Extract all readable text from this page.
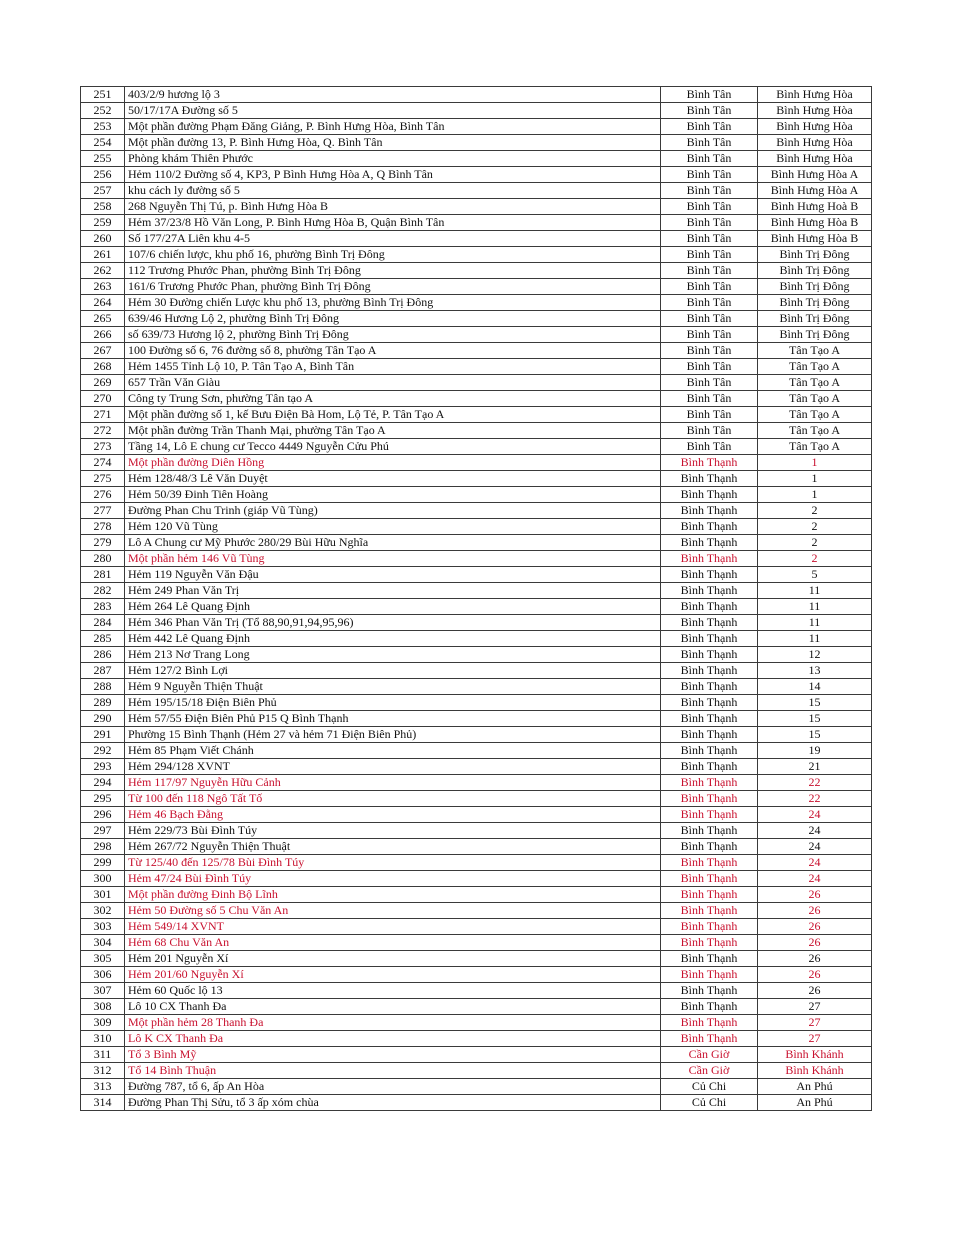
251	403/2/9 hương lộ 3	Bình Tân	Bình Hưng Hòa
252	50/17/17A Đường số 5	Bình Tân	Bình Hưng Hòa
253	Một phần đường Phạm Đăng Giảng, P. Bình Hưng Hòa, Bình Tân	Bình Tân	Bình Hưng Hòa
254	Một phần đường 13, P. Bình Hưng Hòa, Q. Bình Tân	Bình Tân	Bình Hưng Hòa
255	Phòng khám Thiên Phước	Bình Tân	Bình Hưng Hòa
256	Hẻm 110/2 Đường số 4, KP3, P Bình Hưng Hòa A, Q Bình Tân	Bình Tân	Bình Hưng Hòa A
257	khu cách ly đường số 5	Bình Tân	Bình Hưng Hòa A
258	268 Nguyễn Thị Tú, p. Bình Hưng Hòa B	Bình Tân	Bình Hưng Hoà B
259	Hẻm 37/23/8 Hồ Văn Long, P. Bình Hưng Hòa B, Quận Bình Tân	Bình Tân	Bình Hưng Hòa B
260	Số 177/27A Liên khu 4-5	Bình Tân	Bình Hưng Hòa B
261	107/6 chiến lược, khu phố 16, phường Bình Trị Đông	Bình Tân	Bình Trị Đông
262	112 Trương Phước Phan, phường Bình Trị Đông	Bình Tân	Bình Trị Đông
263	161/6 Trương Phước Phan, phường Bình Trị Đông	Bình Tân	Bình Trị Đông
264	Hẻm 30 Đường chiến Lược khu phố 13, phường Bình Trị Đông	Bình Tân	Bình Trị Đông
265	639/46 Hương Lộ 2, phường Bình Trị Đông	Bình Tân	Bình Trị Đông
266	số 639/73 Hương lộ 2, phường Bình Trị Đông	Bình Tân	Bình Trị Đông
267	100 Đường số 6, 76 đường số 8, phường Tân Tạo A	Bình Tân	Tân Tạo A
268	Hẻm 1455 Tỉnh Lộ 10, P. Tân Tạo A, Bình Tân	Bình Tân	Tân Tạo A
269	657 Trần Văn Giàu	Bình Tân	Tân Tạo A
270	Công ty Trung Sơn, phường Tân tạo A	Bình Tân	Tân Tạo A
271	Một phần đường số 1, kế Bưu Điện Bà Hom, Lộ Tẻ, P. Tân Tạo A	Bình Tân	Tân Tạo A
272	Một phần đường Trần Thanh Mại, phường Tân Tạo A	Bình Tân	Tân Tạo A
273	Tầng 14, Lô E chung cư Tecco 4449 Nguyễn Cửu Phú	Bình Tân	Tân Tạo A
274	Một phần đường Diên Hồng	Bình Thạnh	1
275	Hẻm 128/48/3 Lê Văn Duyệt	Bình Thạnh	1
276	Hẻm 50/39 Đinh Tiên Hoàng	Bình Thạnh	1
277	Đường Phan Chu Trinh (giáp Vũ Tùng)	Bình Thạnh	2
278	Hẻm 120 Vũ Tùng	Bình Thạnh	2
279	Lô A Chung cư Mỹ Phước 280/29 Bùi Hữu Nghĩa	Bình Thạnh	2
280	Một phần hẻm 146 Vũ Tùng	Bình Thạnh	2
281	Hẻm 119 Nguyễn Văn Đậu	Bình Thạnh	5
282	Hẻm 249 Phan Văn Trị	Bình Thạnh	11
283	Hẻm 264 Lê Quang Định	Bình Thạnh	11
284	Hẻm 346 Phan Văn Trị (Tổ 88,90,91,94,95,96)	Bình Thạnh	11
285	Hẻm 442 Lê Quang Định	Bình Thạnh	11
286	Hẻm 213 Nơ Trang Long	Bình Thạnh	12
287	Hẻm 127/2 Bình Lợi	Bình Thạnh	13
288	Hẻm 9 Nguyễn Thiện Thuật	Bình Thạnh	14
289	Hẻm 195/15/18 Điện Biên Phủ	Bình Thạnh	15
290	Hẻm 57/55 Điện Biên Phủ P15 Q Bình Thạnh	Bình Thạnh	15
291	Phường 15 Bình Thạnh (Hẻm 27 và hẻm 71 Điện Biên Phủ)	Bình Thạnh	15
292	Hẻm 85 Phạm Viết Chánh	Bình Thạnh	19
293	Hẻm 294/128 XVNT	Bình Thạnh	21
294	Hẻm 117/97 Nguyễn Hữu Cảnh	Bình Thạnh	22
295	Từ 100 đến 118 Ngô Tất Tố	Bình Thạnh	22
296	Hẻm 46 Bạch Đằng	Bình Thạnh	24
297	Hẻm 229/73 Bùi Đình Túy	Bình Thạnh	24
298	Hẻm 267/72 Nguyễn Thiện Thuật	Bình Thạnh	24
299	Từ 125/40 đến 125/78 Bùi Đình Túy	Bình Thạnh	24
300	Hẻm 47/24 Bùi Đình Túy	Bình Thạnh	24
301	Một phần đường Đinh Bộ Lĩnh	Bình Thạnh	26
302	Hẻm 50 Đường số 5 Chu Văn An	Bình Thạnh	26
303	Hẻm 549/14 XVNT	Bình Thạnh	26
304	Hẻm 68 Chu Văn An	Bình Thạnh	26
305	Hẻm 201 Nguyễn Xí	Bình Thạnh	26
306	Hẻm 201/60 Nguyễn Xí	Bình Thạnh	26
307	Hẻm 60 Quốc lộ 13	Bình Thạnh	26
308	Lô 10 CX Thanh Đa	Bình Thạnh	27
309	Một phần hẻm 28 Thanh Đa	Bình Thạnh	27
310	Lô K CX Thanh Đa	Bình Thạnh	27
311	Tổ 3 Bình Mỹ	Cần Giờ	Bình Khánh
312	Tổ 14 Bình Thuận	Cần Giờ	Bình Khánh
313	Đường 787, tổ 6, ấp An Hòa	Củ Chi	An Phú
314	Đường Phan Thị Sửu, tổ 3 ấp xóm chùa	Củ Chi	An Phú
